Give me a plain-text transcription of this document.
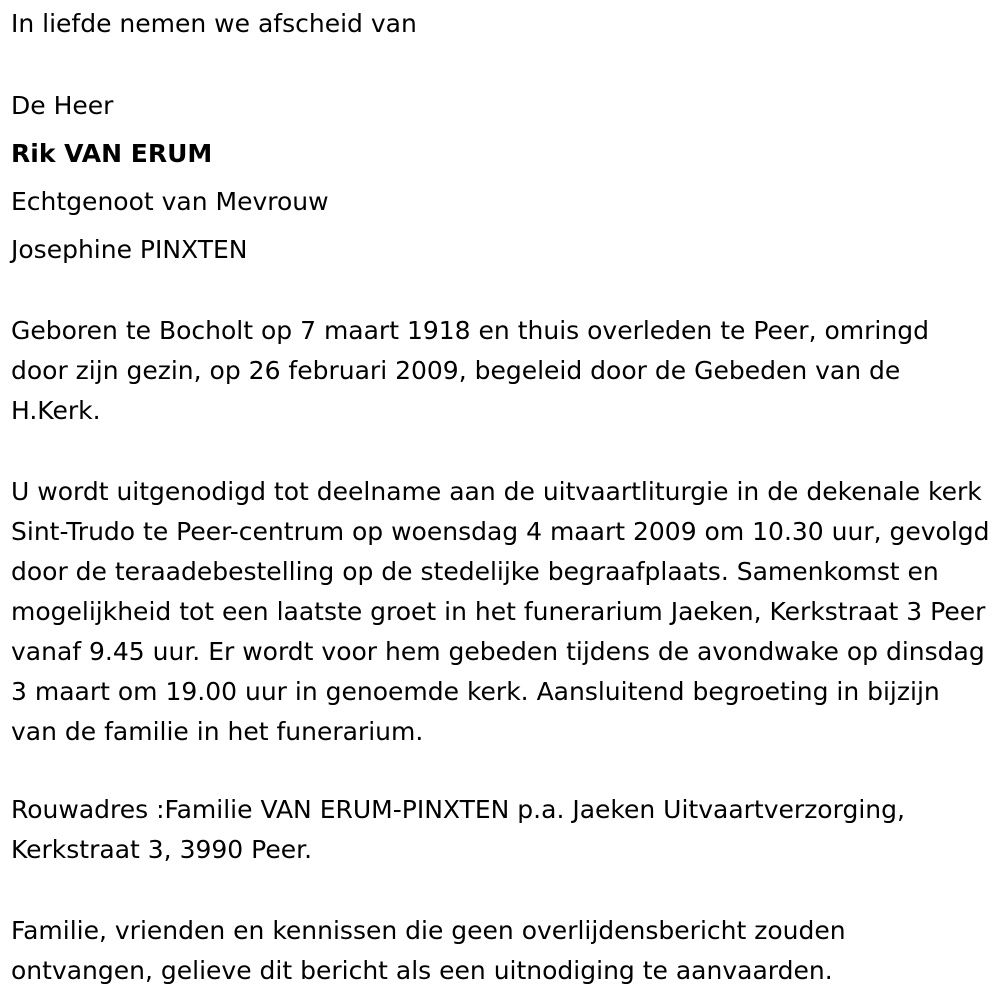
In liefde nemen we afscheid van

De Heer

Rik VAN ERUM

Echtgenoot van Mevrouw

Josephine PINXTEN

Geboren te Bocholt op 7 maart 1918 en thuis overleden te Peer, omringd door zijn gezin, op 26 februari 2009, begeleid door de Gebeden van de H.Kerk.

U wordt uitgenodigd tot deelname aan de uitvaartliturgie in de dekenale kerk Sint-Trudo te Peer-centrum op woensdag 4 maart 2009 om 10.30 uur, gevolgd door de teraadebestelling op de stedelijke begraafplaats. Samenkomst en mogelijkheid tot een laatste groet in het funerarium Jaeken, Kerkstraat 3 Peer vanaf 9.45 uur. Er wordt voor hem gebeden tijdens de avondwake op dinsdag 3 maart om 19.00 uur in genoemde kerk. Aansluitend begroeting in bijzijn van de familie in het funerarium.

Rouwadres :Familie VAN ERUM-PINXTEN p.a. Jaeken Uitvaartverzorging, Kerkstraat 3, 3990 Peer.

Familie, vrienden en kennissen die geen overlijdensbericht zouden ontvangen, gelieve dit bericht als een uitnodiging te aanvaarden.
